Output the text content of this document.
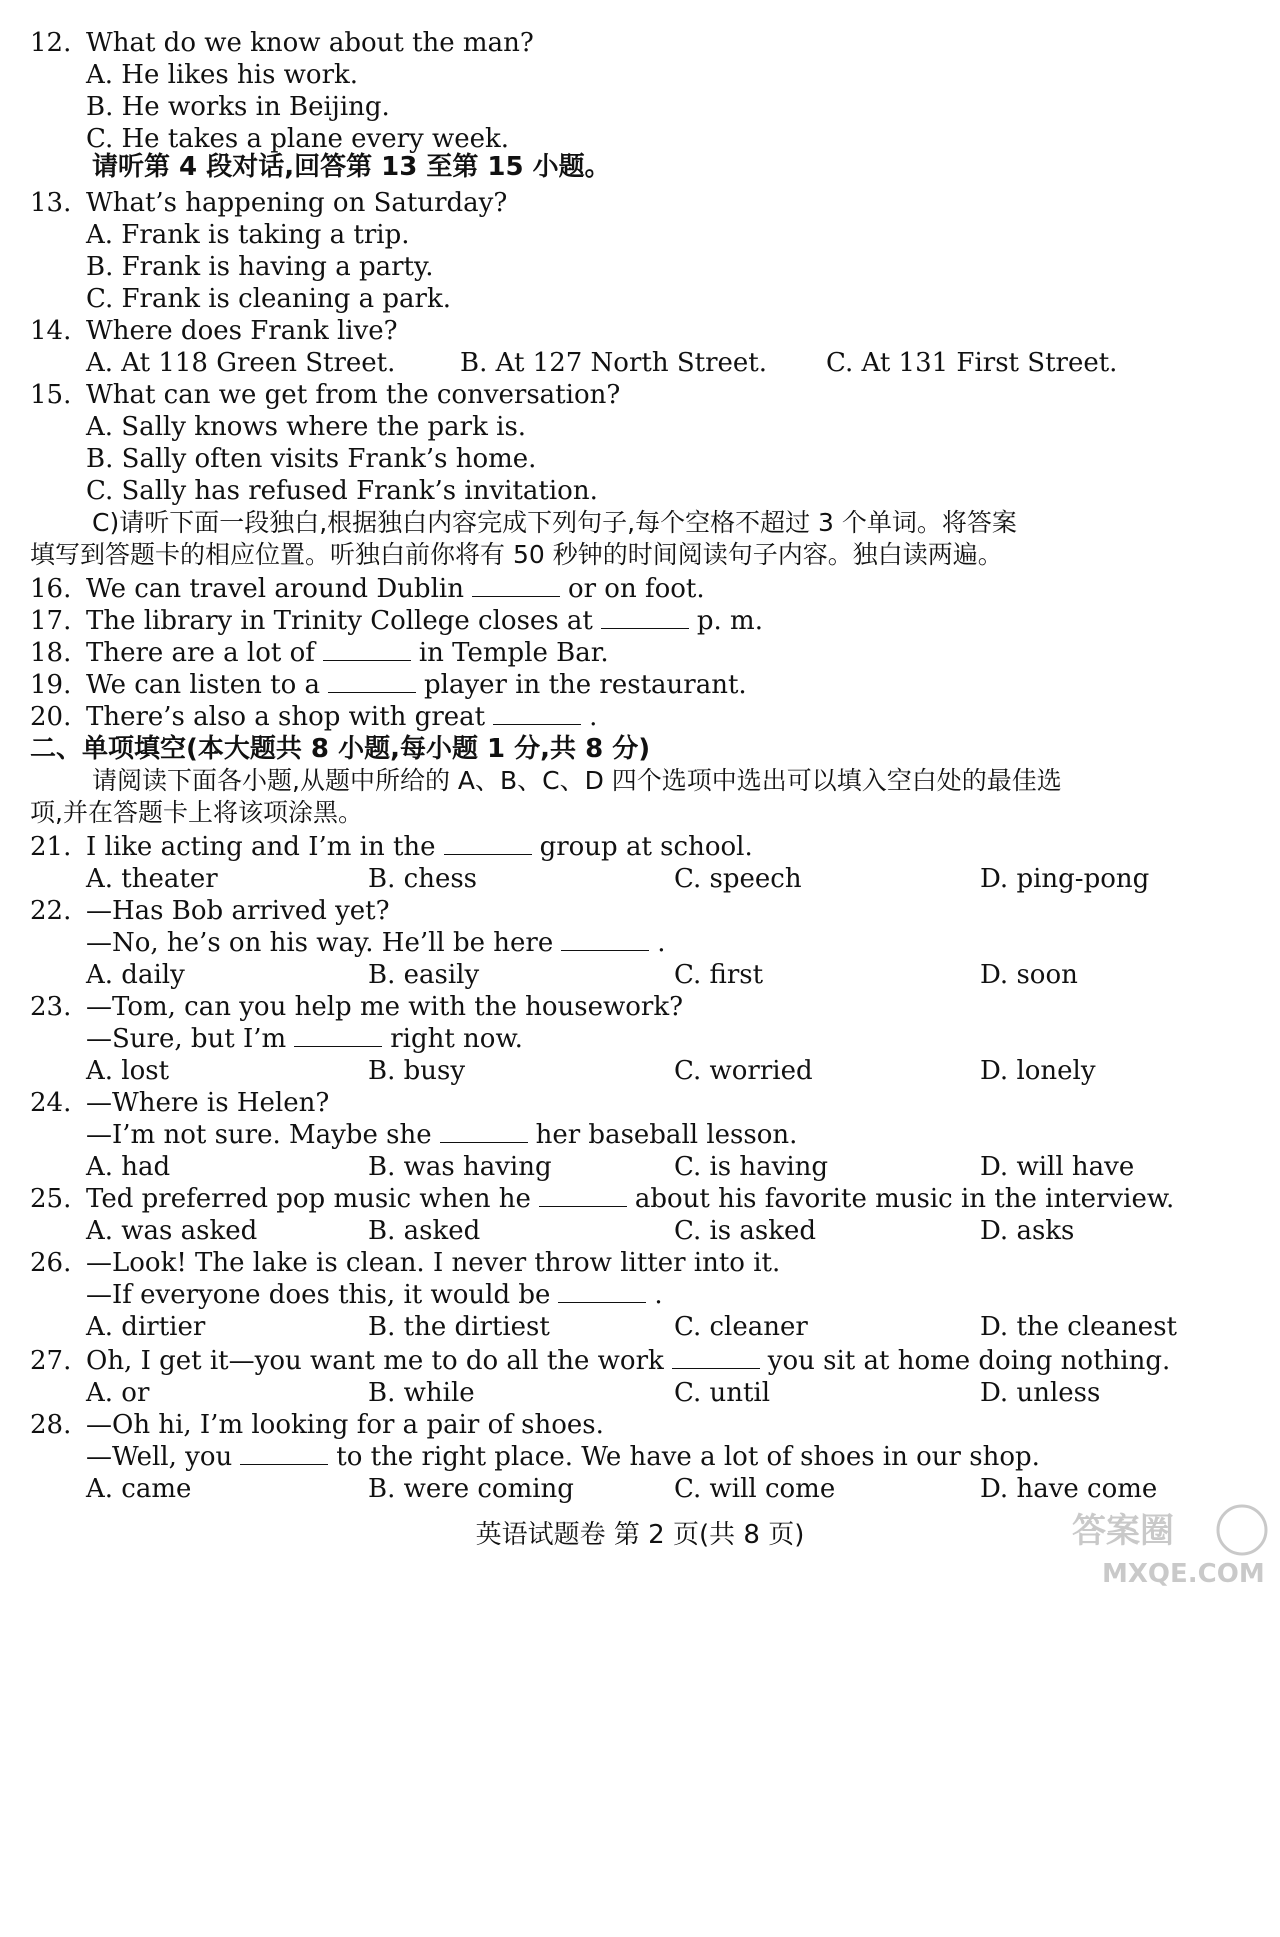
12. What do we know about the man?
A. He likes his work.
B. He works in Beijing.
C. He takes a plane every week.
请听第 4 段对话,回答第 13 至第 15 小题。
13. What’s happening on Saturday?
A. Frank is taking a trip.
B. Frank is having a party.
C. Frank is cleaning a park.
14. Where does Frank live?
A. At 118 Green Street. B. At 127 North Street. C. At 131 First Street.
15. What can we get from the conversation?
A. Sally knows where the park is.
B. Sally often visits Frank’s home.
C. Sally has refused Frank’s invitation.
C)请听下面一段独白,根据独白内容完成下列句子,每个空格不超过 3 个单词。将答案
填写到答题卡的相应位置。听独白前你将有 50 秒钟的时间阅读句子内容。独白读两遍。
16. We can travel around Dublin	or on foot.
17. The library in Trinity College closes at	p. m.
18. There are a lot of	in Temple Bar.
19. We can listen to a	player in the restaurant.
20. There’s also a shop with great	.
二、单项填空(本大题共 8 小题,每小题 1 分,共 8 分)
请阅读下面各小题,从题中所给的 A、B、C、D 四个选项中选出可以填入空白处的最佳选
项,并在答题卡上将该项涂黑。
21. I like acting and I’m in the	group at school.
A. theater	B. chess	C. speech	D. ping-pong
22. —Has Bob arrived yet?
—No, he’s on his way. He’ll be here	.
A. daily	B. easily	C. first	D. soon
23. —Tom, can you help me with the housework?
—Sure, but I’m	right now.
A. lost	B. busy	C. worried	D. lonely
24. —Where is Helen?
—I’m not sure. Maybe she	her baseball lesson.
A. had	B. was having	C. is having	D. will have
25. Ted preferred pop music when he	about his favorite music in the interview.
A. was asked	B. asked	C. is asked	D. asks
26. —Look! The lake is clean. I never throw litter into it.
—If everyone does this, it would be	.
A. dirtier	B. the dirtiest	C. cleaner	D. the cleanest
27. Oh, I get it—you want me to do all the work	you sit at home doing nothing.
A. or	B. while	C. until	D. unless
28. —Oh hi, I’m looking for a pair of shoes.
—Well, you	to the right place. We have a lot of shoes in our shop.
A. came	B. were coming	C. will come	D. have come
英语试题卷 第 2 页(共 8 页)	答案圈
MXQE.COM
